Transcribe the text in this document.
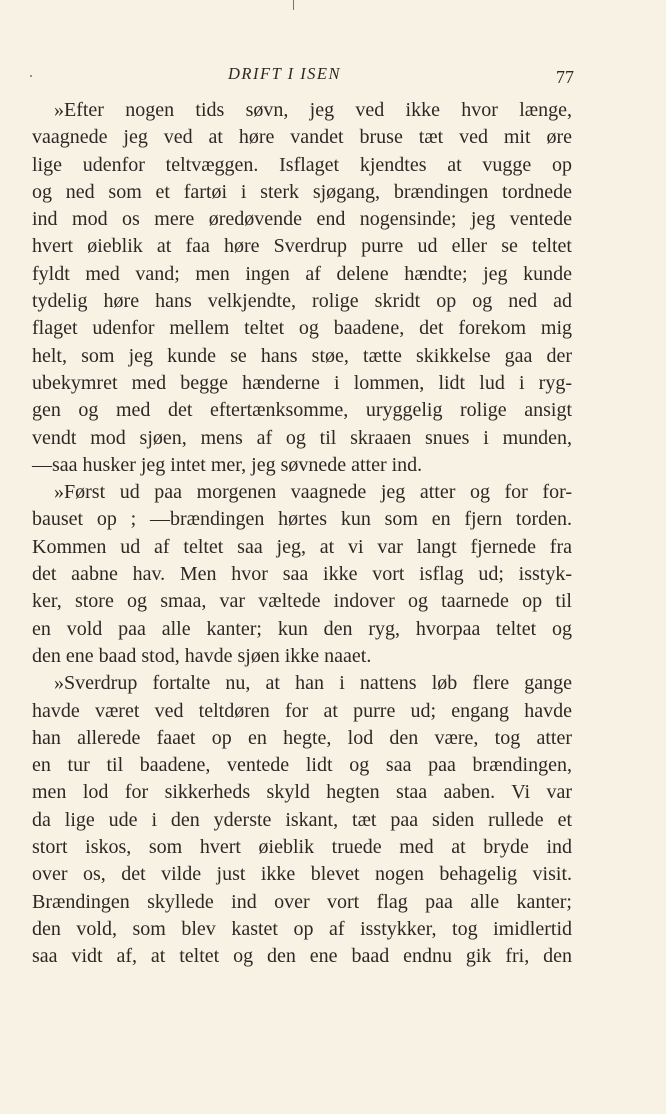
DRIFT I ISEN	77
»Efter nogen tids søvn, jeg ved ikke hvor længe,
vaagnede jeg ved at høre vandet bruse tæt ved mit øre
lige udenfor teltvæggen. Isflaget kjendtes at vugge op
og ned som et fartøi i sterk sjøgang, brændingen tordnede
ind mod os mere øredøvende end nogensinde; jeg ventede
hvert øieblik at faa høre Sverdrup purre ud eller se teltet
fyldt med vand; men ingen af delene hændte; jeg kunde
tydelig høre hans velkjendte, rolige skridt op og ned ad
flaget udenfor mellem teltet og baadene, det forekom mig
helt, som jeg kunde se hans støe, tætte skikkelse gaa der
ubekymret med begge hænderne i lommen, lidt lud i ryg-
gen og med det eftertænksomme, uryggelig rolige ansigt
vendt mod sjøen, mens af og til skraaen snues i munden,
—saa husker jeg intet mer, jeg søvnede atter ind.
»Først ud paa morgenen vaagnede jeg atter og for for-
bauset op ; —brændingen hørtes kun som en fjern torden.
Kommen ud af teltet saa jeg, at vi var langt fjernede fra
det aabne hav. Men hvor saa ikke vort isflag ud; isstyk-
ker, store og smaa, var væltede indover og taarnede op til
en vold paa alle kanter; kun den ryg, hvorpaa teltet og
den ene baad stod, havde sjøen ikke naaet.
»Sverdrup fortalte nu, at han i nattens løb flere gange
havde været ved teltdøren for at purre ud; engang havde
han allerede faaet op en hegte, lod den være, tog atter
en tur til baadene, ventede lidt og saa paa brændingen,
men lod for sikkerheds skyld hegten staa aaben. Vi var
da lige ude i den yderste iskant, tæt paa siden rullede et
stort iskos, som hvert øieblik truede med at bryde ind
over os, det vilde just ikke blevet nogen behagelig visit.
Brændingen skyllede ind over vort flag paa alle kanter;
den vold, som blev kastet op af isstykker, tog imidlertid
saa vidt af, at teltet og den ene baad endnu gik fri, den
